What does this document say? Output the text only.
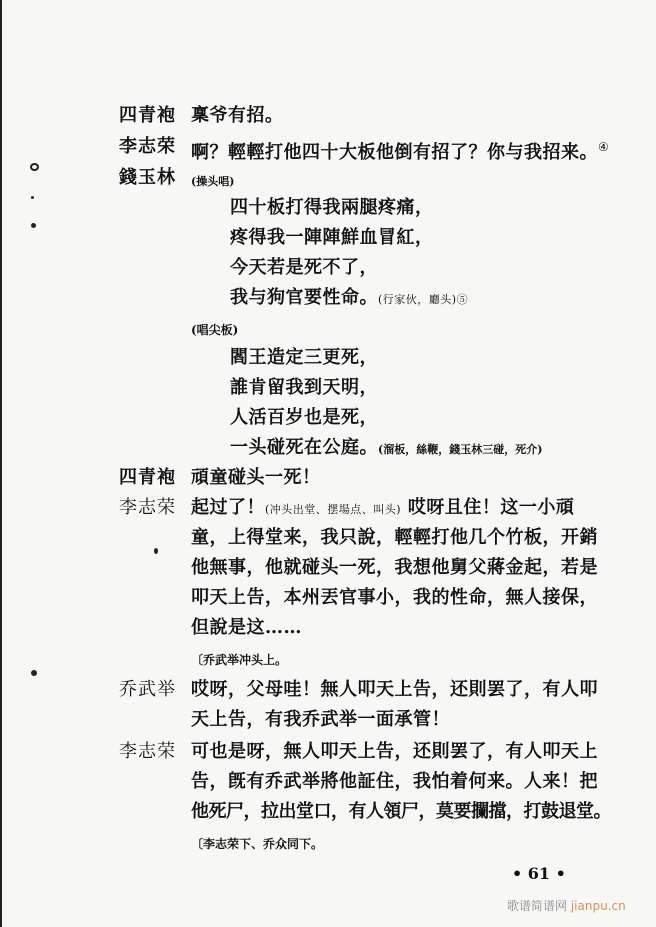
四青袍 稟爷有招。
李志荣 啊？輕輕打他四十大板他倒有招了？你与我招来。④
錢玉林 (操头唱)
四十板打得我兩腿疼痛，
疼得我一陣陣鮮血冒紅，
今天若是死不了，
我与狗官要性命。(行家伙，廳头)⑤
(唱尖板)
閻王造定三更死，
誰肯留我到天明，
人活百岁也是死，
一头碰死在公庭。(溜板，絲鞭，錢玉林三碰，死介)
四青袍 頑童碰头一死！
李志荣 起过了！(冲头出堂、摆場点、叫头) 哎呀且住！这一小頑
童，上得堂来，我只說，輕輕打他几个竹板，开銷
他無事，他就碰头一死，我想他舅父蔣金起，若是
叩天上告，本州丟官事小，我的性命，無人接保，
但說是这……
〔乔武举冲头上。
乔武举 哎呀，父母哇！無人叩天上告，还則罢了，有人叩
天上告，有我乔武举一面承管！
李志荣 可也是呀，無人叩天上告，还則罢了，有人叩天上
告，旣有乔武举將他証住，我怕着何来。人来！把
他死尸，拉出堂口，有人領尸，莫要攔擋，打鼓退堂。
〔李志荣下、乔众同下。
• 61 •
歌谱简谱网 jianpu.cn
